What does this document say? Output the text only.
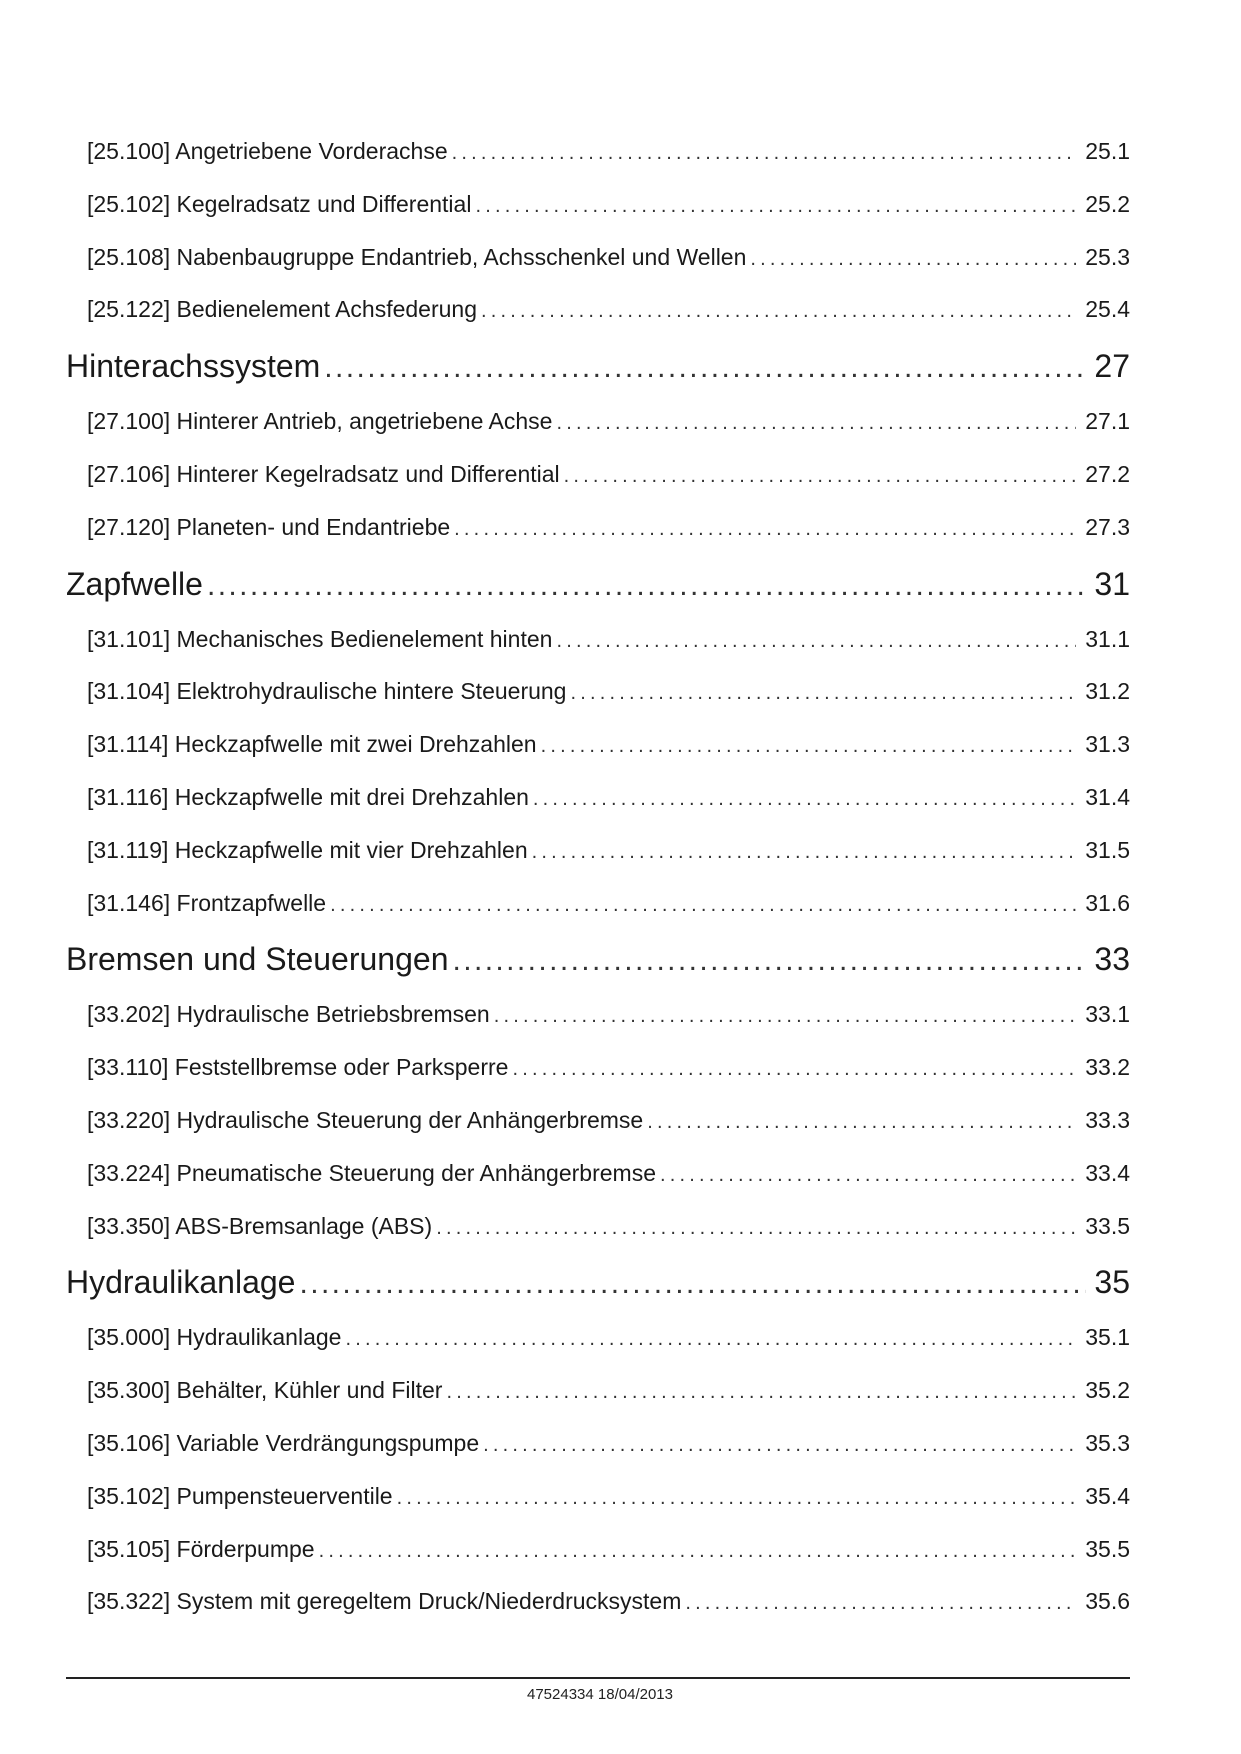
[25.100] Angetriebene Vorderachse .....	25.1
[25.102] Kegelradsatz und Differential .....	25.2
[25.108] Nabenbaugruppe Endantrieb, Achsschenkel und Wellen .....	25.3
[25.122] Bedienelement Achsfederung .....	25.4
Hinterachssystem .....	27
[27.100] Hinterer Antrieb, angetriebene Achse .....	27.1
[27.106] Hinterer Kegelradsatz und Differential .....	27.2
[27.120] Planeten- und Endantriebe .....	27.3
Zapfwelle .....	31
[31.101] Mechanisches Bedienelement hinten .....	31.1
[31.104] Elektrohydraulische hintere Steuerung .....	31.2
[31.114] Heckzapfwelle mit zwei Drehzahlen .....	31.3
[31.116] Heckzapfwelle mit drei Drehzahlen .....	31.4
[31.119] Heckzapfwelle mit vier Drehzahlen .....	31.5
[31.146] Frontzapfwelle .....	31.6
Bremsen und Steuerungen .....	33
[33.202] Hydraulische Betriebsbremsen .....	33.1
[33.110] Feststellbremse oder Parksperre .....	33.2
[33.220] Hydraulische Steuerung der Anhängerbremse .....	33.3
[33.224] Pneumatische Steuerung der Anhängerbremse .....	33.4
[33.350] ABS-Bremsanlage (ABS) .....	33.5
Hydraulikanlage .....	35
[35.000] Hydraulikanlage .....	35.1
[35.300] Behälter, Kühler und Filter .....	35.2
[35.106] Variable Verdrängungspumpe .....	35.3
[35.102] Pumpensteuerventile .....	35.4
[35.105] Förderpumpe .....	35.5
[35.322] System mit geregeltem Druck/Niederdrucksystem .....	35.6
47524334 18/04/2013
